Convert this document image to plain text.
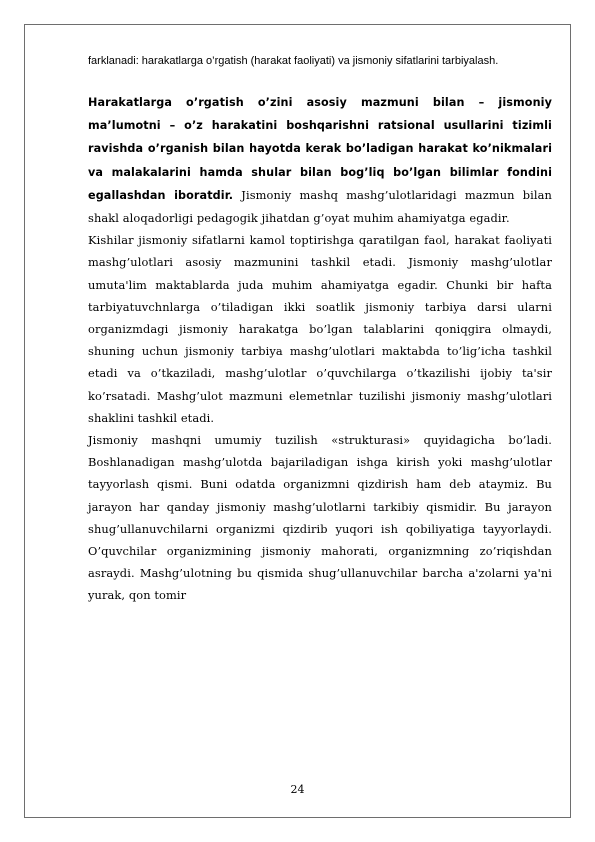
farklanadi: harakatlarga o’rgatish (harakat faoliyati) va jismoniy sifatlarini tarbiyalash.

Harakatlarga o’rgatish o’zini asosiy mazmuni bilan – jismoniy ma’lumotni – o’z harakatini boshqarishni ratsional usullarini tizimli ravishda o’rganish bilan hayotda kerak bo’ladigan harakat ko’nikmalari va malakalarini hamda shular bilan bog’liq bo’lgan bilimlar fondini egallashdan iboratdir. Jismoniy mashq mashg’ulotlaridagi mazmun bilan shakl aloqadorligi pedagogik jihatdan g’oyat muhim ahamiyatga egadir.

Kishilar jismoniy sifatlarni kamol toptirishga qaratilgan faol, harakat faoliyati mashg’ulotlari asosiy mazmunini tashkil etadi. Jismoniy mashg’ulotlar umuta'lim maktablarda juda muhim ahamiyatga egadir. Chunki bir hafta tarbiyatuvchnlarga o’tiladigan ikki soatlik jismoniy tarbiya darsi ularni organizmdagi jismoniy harakatga bo’lgan talablarini qoniqgira olmaydi, shuning uchun jismoniy tarbiya mashg’ulotlari maktabda to’lig’icha tashkil etadi va o’tkaziladi, mashg’ulotlar o’quvchilarga o’tkazilishi ijobiy ta'sir ko’rsatadi. Mashg’ulot mazmuni elemetnlar tuzilishi jismoniy mashg’ulotlari shaklini tashkil etadi.

Jismoniy mashqni umumiy tuzilish «strukturasi» quyidagicha bo’ladi. Boshlanadigan mashg’ulotda bajariladigan ishga kirish yoki mashg’ulotlar tayyorlash qismi. Buni odatda organizmni qizdirish ham deb ataymiz. Bu jarayon har qanday jismoniy mashg’ulotlarni tarkibiy qismidir. Bu jarayon shug’ullanuvchilarni organizmi qizdirib yuqori ish qobiliyatiga tayyorlaydi. O’quvchilar organizmining jismoniy mahorati, organizmning zo’riqishdan asraydi. Mashg’ulotning bu qismida shug’ullanuvchilar barcha a'zolarni ya'ni yurak, qon tomir

24
